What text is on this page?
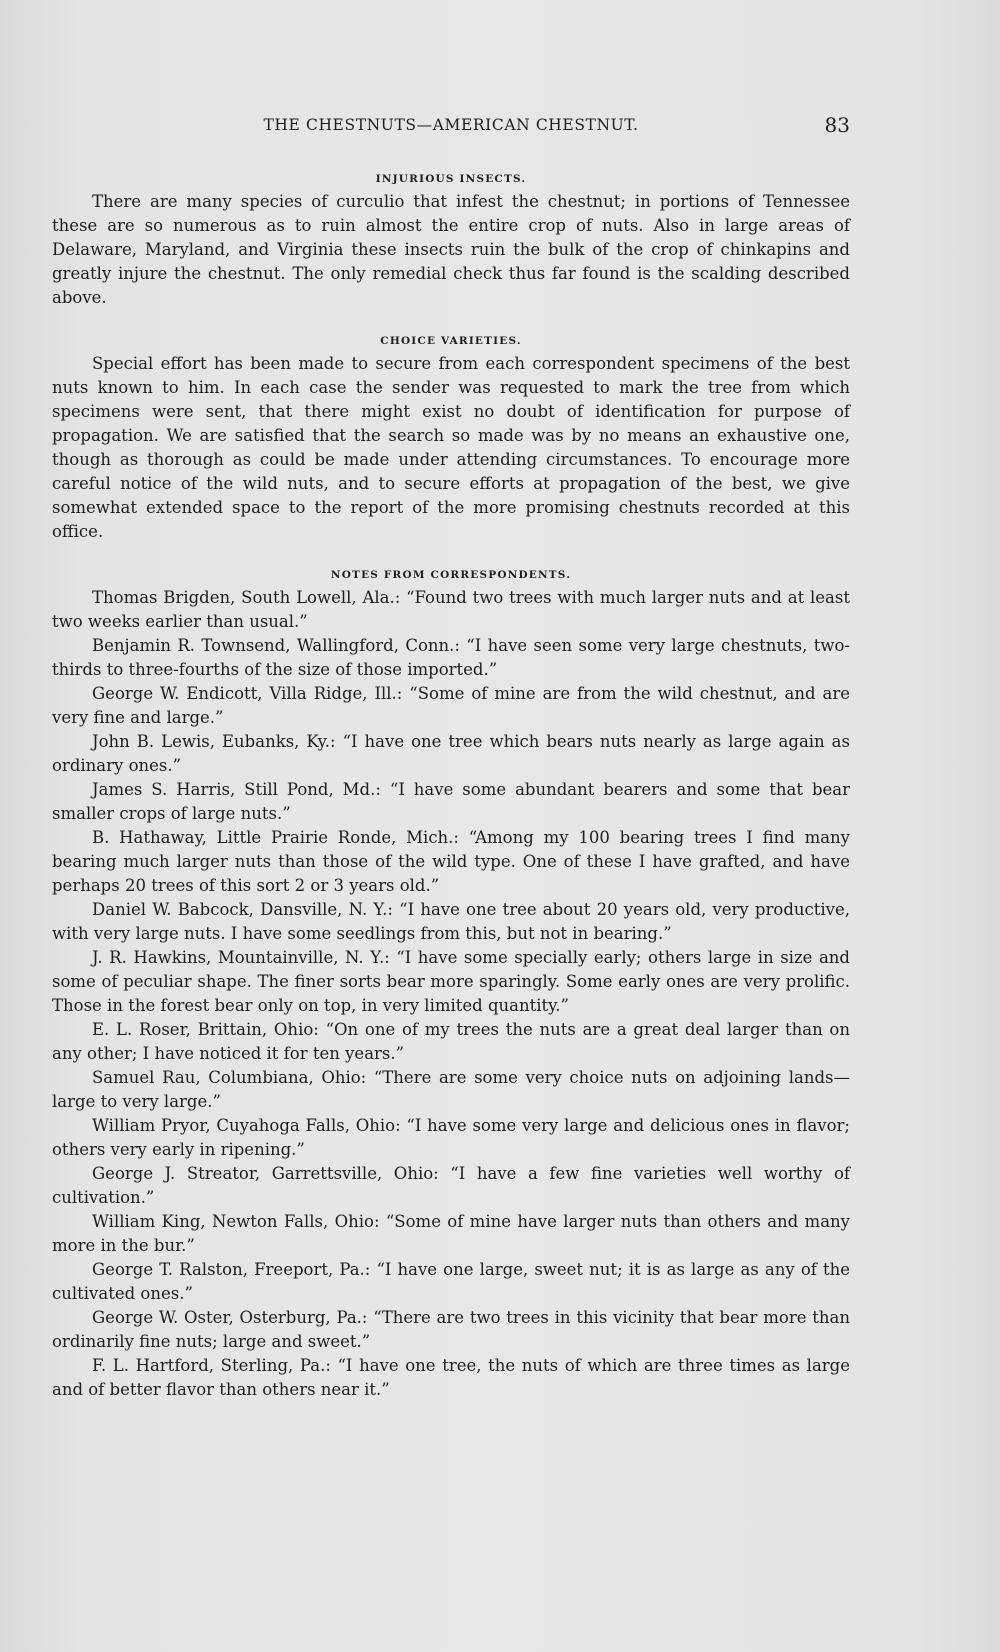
THE CHESTNUTS—AMERICAN CHESTNUT.	83
INJURIOUS INSECTS.

There are many species of curculio that infest the chestnut; in portions of Tennessee these are so numerous as to ruin almost the entire crop of nuts. Also in large areas of Delaware, Maryland, and Virginia these insects ruin the bulk of the crop of chinkapins and greatly injure the chestnut. The only remedial check thus far found is the scalding described above.

CHOICE VARIETIES.

Special effort has been made to secure from each correspondent specimens of the best nuts known to him. In each case the sender was requested to mark the tree from which specimens were sent, that there might exist no doubt of identification for purpose of propagation. We are satisfied that the search so made was by no means an exhaustive one, though as thorough as could be made under attending circumstances. To encourage more careful notice of the wild nuts, and to secure efforts at propagation of the best, we give somewhat extended space to the report of the more promising chestnuts recorded at this office.

NOTES FROM CORRESPONDENTS.

Thomas Brigden, South Lowell, Ala.: “Found two trees with much larger nuts and at least two weeks earlier than usual.”

Benjamin R. Townsend, Wallingford, Conn.: “I have seen some very large chestnuts, two-thirds to three-fourths of the size of those imported.”

George W. Endicott, Villa Ridge, Ill.: “Some of mine are from the wild chestnut, and are very fine and large.”

John B. Lewis, Eubanks, Ky.: “I have one tree which bears nuts nearly as large again as ordinary ones.”

James S. Harris, Still Pond, Md.: “I have some abundant bearers and some that bear smaller crops of large nuts.”

B. Hathaway, Little Prairie Ronde, Mich.: “Among my 100 bearing trees I find many bearing much larger nuts than those of the wild type. One of these I have grafted, and have perhaps 20 trees of this sort 2 or 3 years old.”

Daniel W. Babcock, Dansville, N. Y.: “I have one tree about 20 years old, very productive, with very large nuts. I have some seedlings from this, but not in bearing.”

J. R. Hawkins, Mountainville, N. Y.: “I have some specially early; others large in size and some of peculiar shape. The finer sorts bear more sparingly. Some early ones are very prolific. Those in the forest bear only on top, in very limited quantity.”

E. L. Roser, Brittain, Ohio: “On one of my trees the nuts are a great deal larger than on any other; I have noticed it for ten years.”

Samuel Rau, Columbiana, Ohio: “There are some very choice nuts on adjoining lands—large to very large.”

William Pryor, Cuyahoga Falls, Ohio: “I have some very large and delicious ones in flavor; others very early in ripening.”

George J. Streator, Garrettsville, Ohio: “I have a few fine varieties well worthy of cultivation.”

William King, Newton Falls, Ohio: “Some of mine have larger nuts than others and many more in the bur.”

George T. Ralston, Freeport, Pa.: “I have one large, sweet nut; it is as large as any of the cultivated ones.”

George W. Oster, Osterburg, Pa.: “There are two trees in this vicinity that bear more than ordinarily fine nuts; large and sweet.”

F. L. Hartford, Sterling, Pa.: “I have one tree, the nuts of which are three times as large and of better flavor than others near it.”
